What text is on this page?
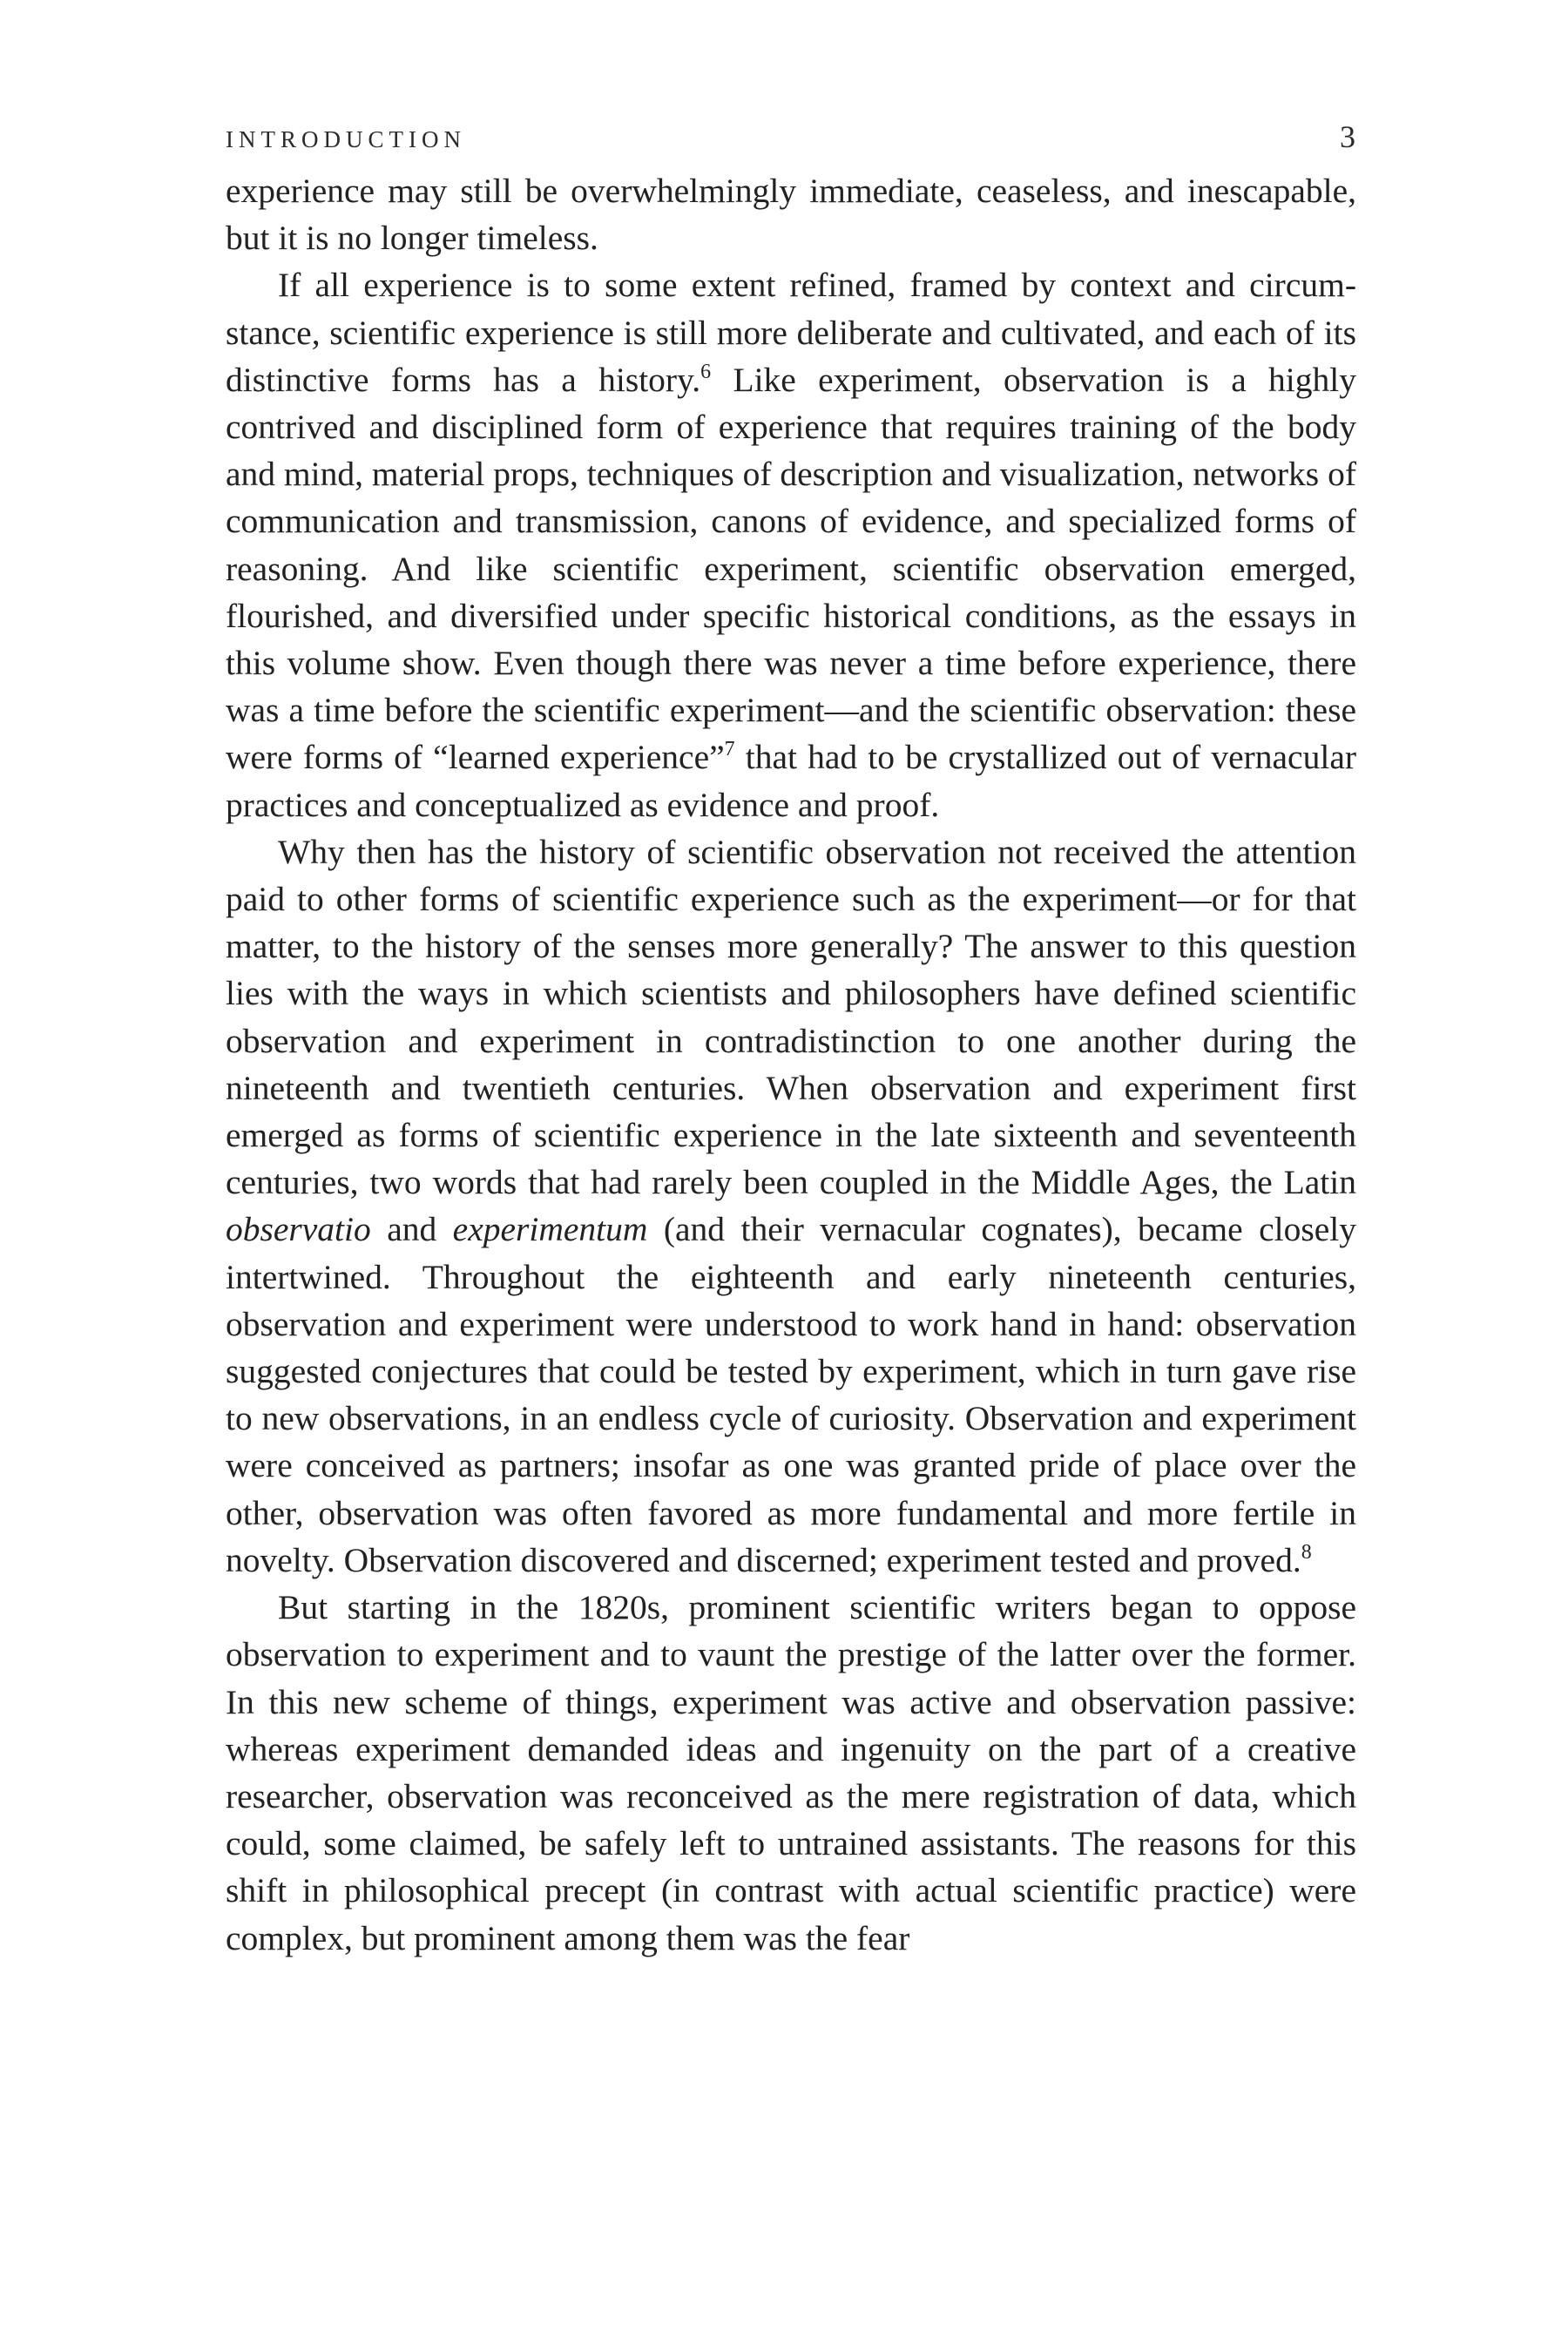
INTRODUCTION	3

experience may still be overwhelmingly immediate, ceaseless, and inescapable, but it is no longer timeless.

If all experience is to some extent refined, framed by context and circumstance, scientific experience is still more deliberate and cultivated, and each of its distinctive forms has a history.$^6$ Like experiment, observation is a highly contrived and disciplined form of experience that requires training of the body and mind, material props, techniques of description and visualization, networks of communication and transmission, canons of evidence, and specialized forms of reasoning. And like scientific experiment, scientific observation emerged, flourished, and diversified under specific historical conditions, as the essays in this volume show. Even though there was never a time before experience, there was a time before the scientific experiment—and the scientific observation: these were forms of “learned experience”$^7$ that had to be crystallized out of vernacular practices and conceptualized as evidence and proof.

Why then has the history of scientific observation not received the attention paid to other forms of scientific experience such as the experiment—or for that matter, to the history of the senses more generally? The answer to this question lies with the ways in which scientists and philosophers have defined scientific observation and experiment in contradistinction to one another during the nineteenth and twentieth centuries. When observation and experiment first emerged as forms of scientific experience in the late sixteenth and seventeenth centuries, two words that had rarely been coupled in the Middle Ages, the Latin observatio and experimentum (and their vernacular cognates), became closely intertwined. Throughout the eighteenth and early nineteenth centuries, observation and experiment were understood to work hand in hand: observation suggested conjectures that could be tested by experiment, which in turn gave rise to new observations, in an endless cycle of curiosity. Observation and experiment were conceived as partners; insofar as one was granted pride of place over the other, observation was often favored as more fundamental and more fertile in novelty. Observation discovered and discerned; experiment tested and proved.$^8$

But starting in the 1820s, prominent scientific writers began to oppose observation to experiment and to vaunt the prestige of the latter over the former. In this new scheme of things, experiment was active and observation passive: whereas experiment demanded ideas and ingenuity on the part of a creative researcher, observation was reconceived as the mere registration of data, which could, some claimed, be safely left to untrained assistants. The reasons for this shift in philosophical precept (in contrast with actual scientific practice) were complex, but prominent among them was the fear
